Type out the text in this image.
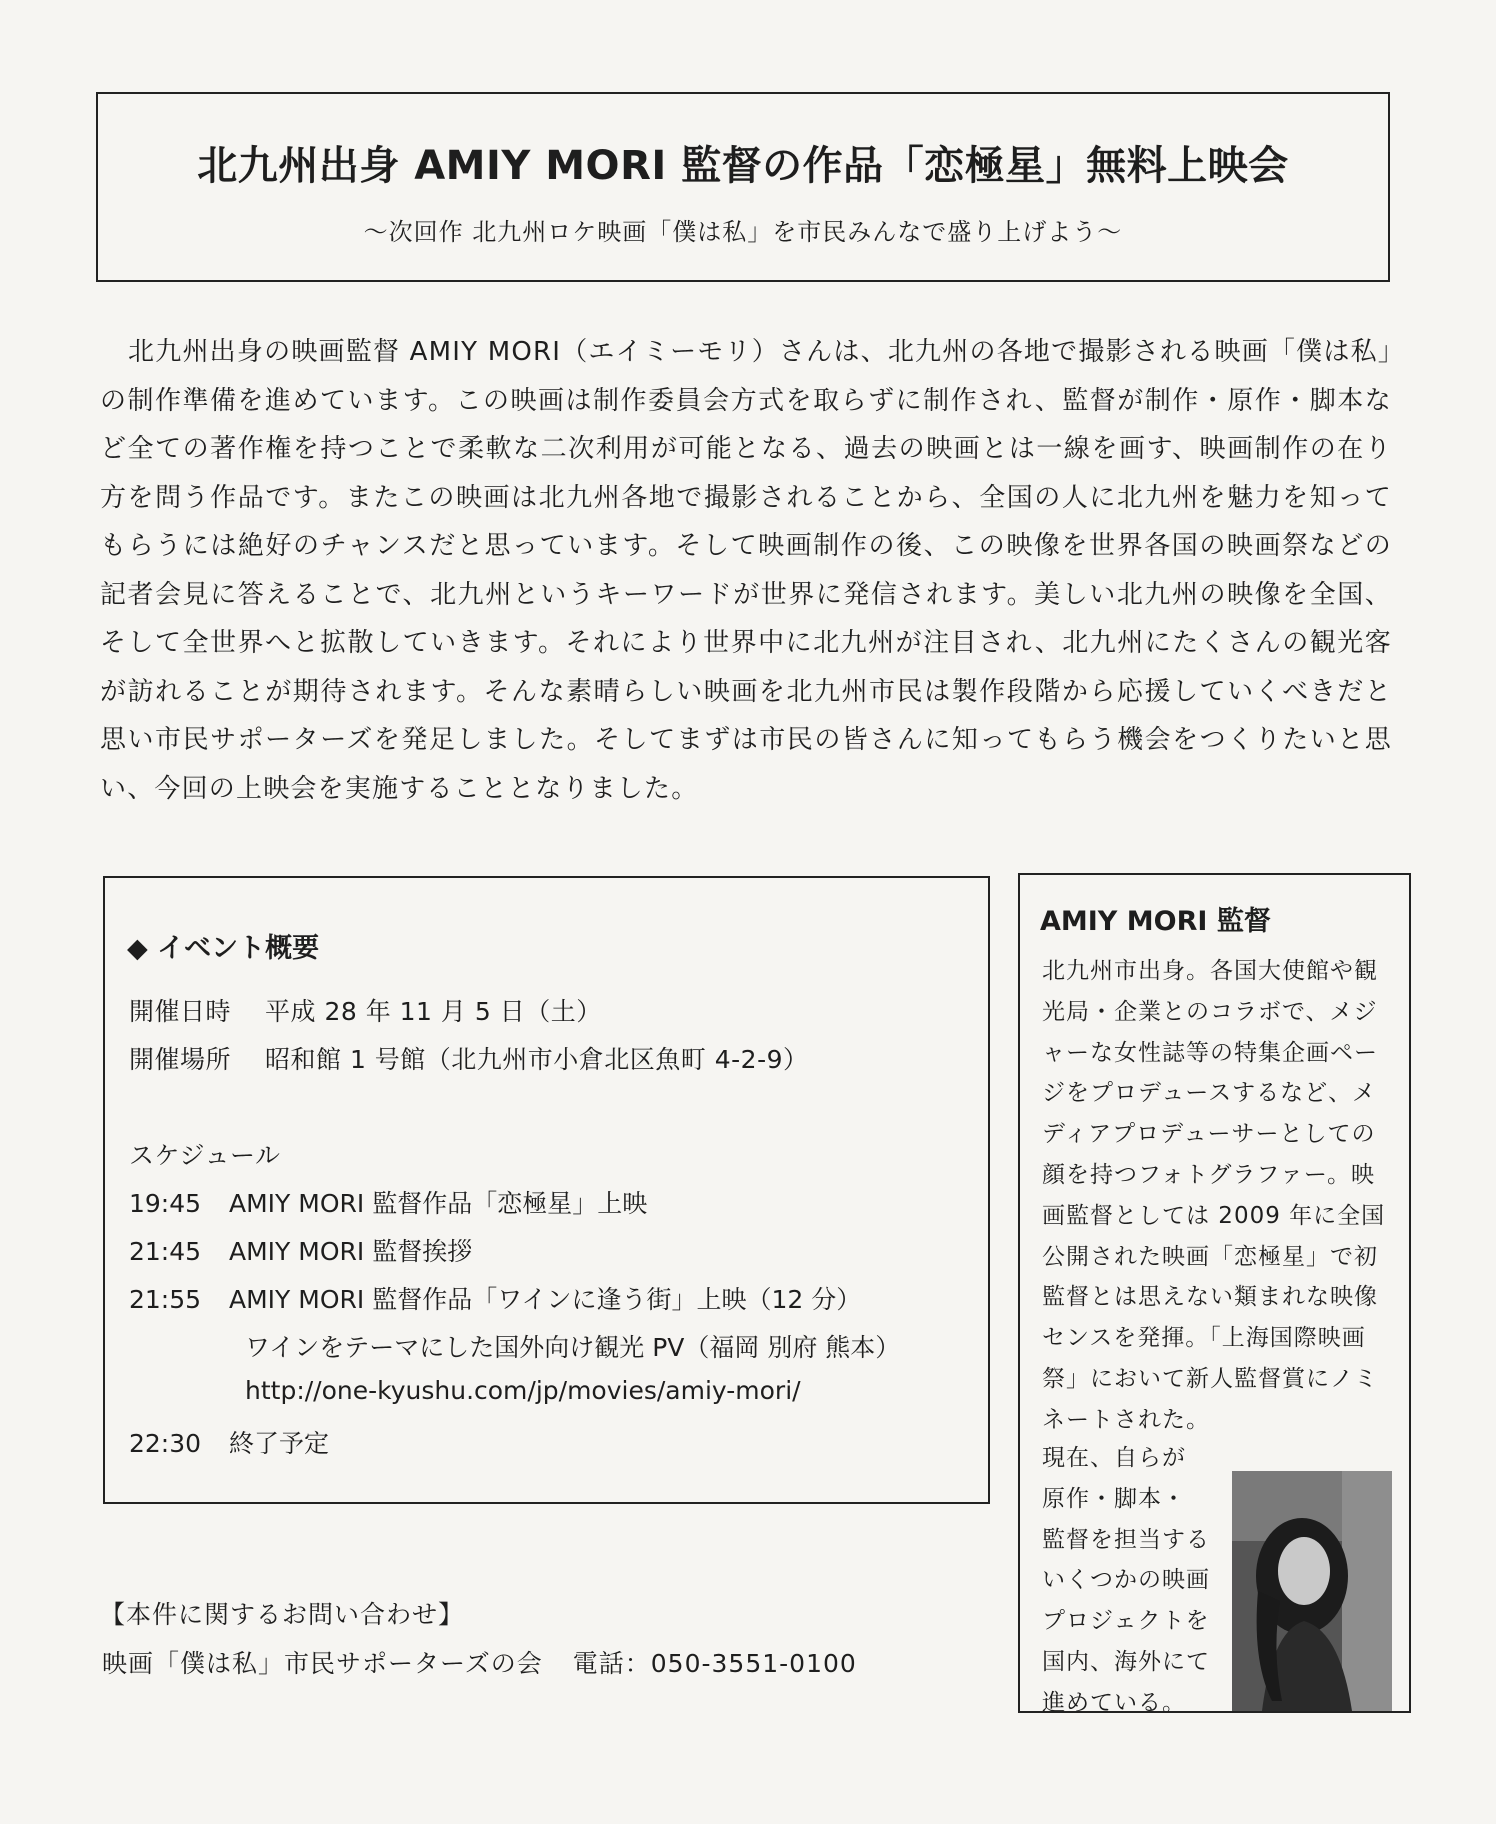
北九州出身 AMIY MORI 監督の作品「恋極星」無料上映会
〜次回作 北九州ロケ映画「僕は私」を市民みんなで盛り上げよう〜

北九州出身の映画監督 AMIY MORI（エイミーモリ）さんは、北九州の各地で撮影される映画「僕は私」の制作準備を進めています。この映画は制作委員会方式を取らずに制作され、監督が制作・原作・脚本など全ての著作権を持つことで柔軟な二次利用が可能となる、過去の映画とは一線を画す、映画制作の在り方を問う作品です。またこの映画は北九州各地で撮影されることから、全国の人に北九州を魅力を知ってもらうには絶好のチャンスだと思っています。そして映画制作の後、この映像を世界各国の映画祭などの記者会見に答えることで、北九州というキーワードが世界に発信されます。美しい北九州の映像を全国、そして全世界へと拡散していきます。それにより世界中に北九州が注目され、北九州にたくさんの観光客が訪れることが期待されます。そんな素晴らしい映画を北九州市民は製作段階から応援していくべきだと思い市民サポーターズを発足しました。そしてまずは市民の皆さんに知ってもらう機会をつくりたいと思い、今回の上映会を実施することとなりました。

◆ イベント概要
開催日時 平成 28 年 11 月 5 日（土）
開催場所 昭和館 1 号館（北九州市小倉北区魚町 4-2-9）
スケジュール
19:45 AMIY MORI 監督作品「恋極星」上映
21:45 AMIY MORI 監督挨拶
21:55 AMIY MORI 監督作品「ワインに逢う街」上映（12 分）
ワインをテーマにした国外向け観光 PV（福岡 別府 熊本）
http://one-kyushu.com/jp/movies/amiy-mori/
22:30 終了予定
AMIY MORI 監督

北九州市出身。各国大使館や観光局・企業とのコラボで、メジャーな女性誌等の特集企画ページをプロデュースするなど、メディアプロデューサーとしての顔を持つフォトグラファー。映画監督としては 2009 年に全国公開された映画「恋極星」で初監督とは思えない類まれな映像センスを発揮。「上海国際映画祭」において新人監督賞にノミネートされた。

現在、自らが
原作・脚本・
監督を担当する
いくつかの映画
プロジェクトを
国内、海外にて
進めている。
【本件に関するお問い合わせ】
映画「僕は私」市民サポーターズの会 電話：050-3551-0100
